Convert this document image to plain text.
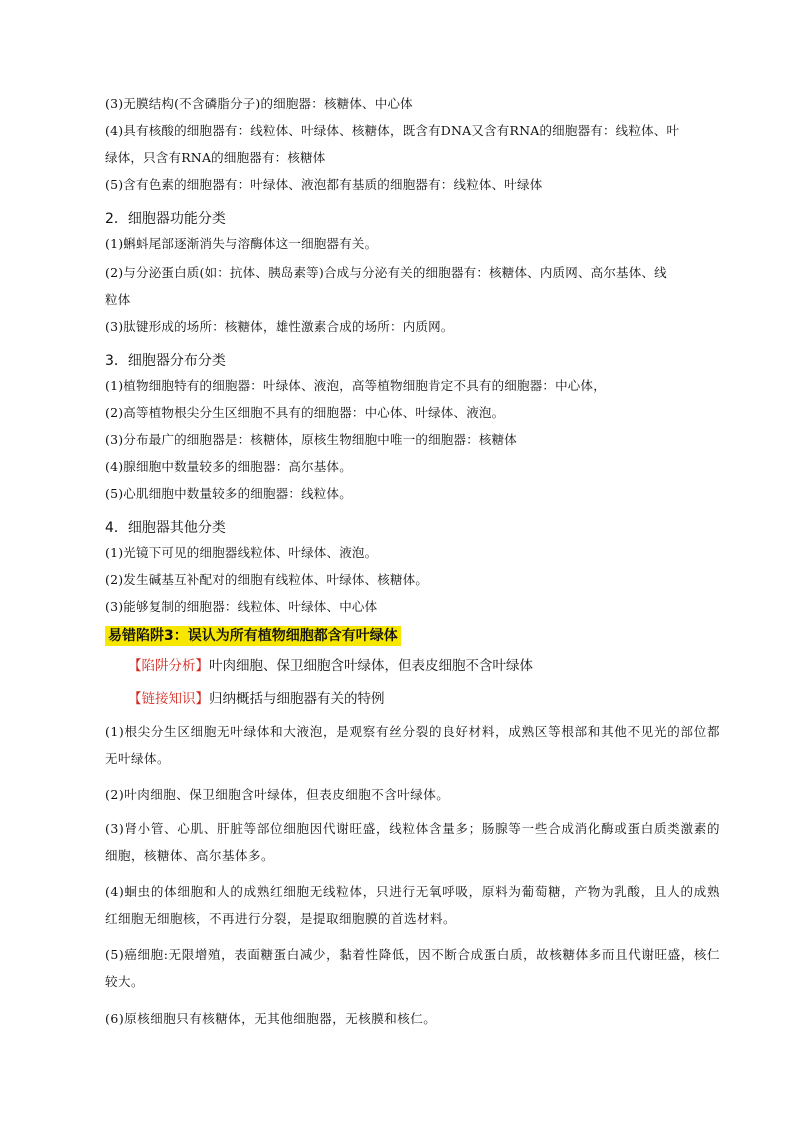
(3)无膜结构(不含磷脂分子)的细胞器：核糖体、中心体
(4)具有核酸的细胞器有：线粒体、叶绿体、核糖体，既含有DNA又含有RNA的细胞器有：线粒体、叶
绿体，只含有RNA的细胞器有：核糖体
(5)含有色素的细胞器有：叶绿体、液泡都有基质的细胞器有：线粒体、叶绿体
2．细胞器功能分类
(1)蝌蚪尾部逐渐消失与溶酶体这一细胞器有关。
(2)与分泌蛋白质(如：抗体、胰岛素等)合成与分泌有关的细胞器有：核糖体、内质网、高尔基体、线
粒体
(3)肽键形成的场所：核糖体，雄性激素合成的场所：内质网。
3．细胞器分布分类
(1)植物细胞特有的细胞器：叶绿体、液泡，高等植物细胞肯定不具有的细胞器：中心体，
(2)高等植物根尖分生区细胞不具有的细胞器：中心体、叶绿体、液泡。
(3)分布最广的细胞器是：核糖体，原核生物细胞中唯一的细胞器：核糖体
(4)腺细胞中数量较多的细胞器：高尔基体。
(5)心肌细胞中数量较多的细胞器：线粒体。
4．细胞器其他分类
(1)光镜下可见的细胞器线粒体、叶绿体、液泡。
(2)发生碱基互补配对的细胞有线粒体、叶绿体、核糖体。
(3)能够复制的细胞器：线粒体、叶绿体、中心体
易错陷阱3：误认为所有植物细胞都含有叶绿体
【陷阱分析】叶肉细胞、保卫细胞含叶绿体，但表皮细胞不含叶绿体
【链接知识】归纳概括与细胞器有关的特例
(1)根尖分生区细胞无叶绿体和大液泡，是观察有丝分裂的良好材料，成熟区等根部和其他不见光的部位都无叶绿体。
(2)叶肉细胞、保卫细胞含叶绿体，但表皮细胞不含叶绿体。
(3)肾小管、心肌、肝脏等部位细胞因代谢旺盛，线粒体含量多；肠腺等一些合成消化酶或蛋白质类激素的细胞，核糖体、高尔基体多。
(4)蛔虫的体细胞和人的成熟红细胞无线粒体，只进行无氧呼吸，原料为葡萄糖，产物为乳酸，且人的成熟红细胞无细胞核，不再进行分裂，是提取细胞膜的首选材料。
(5)癌细胞:无限增殖，表面糖蛋白减少，黏着性降低，因不断合成蛋白质，故核糖体多而且代谢旺盛，核仁较大。
(6)原核细胞只有核糖体，无其他细胞器，无核膜和核仁。
